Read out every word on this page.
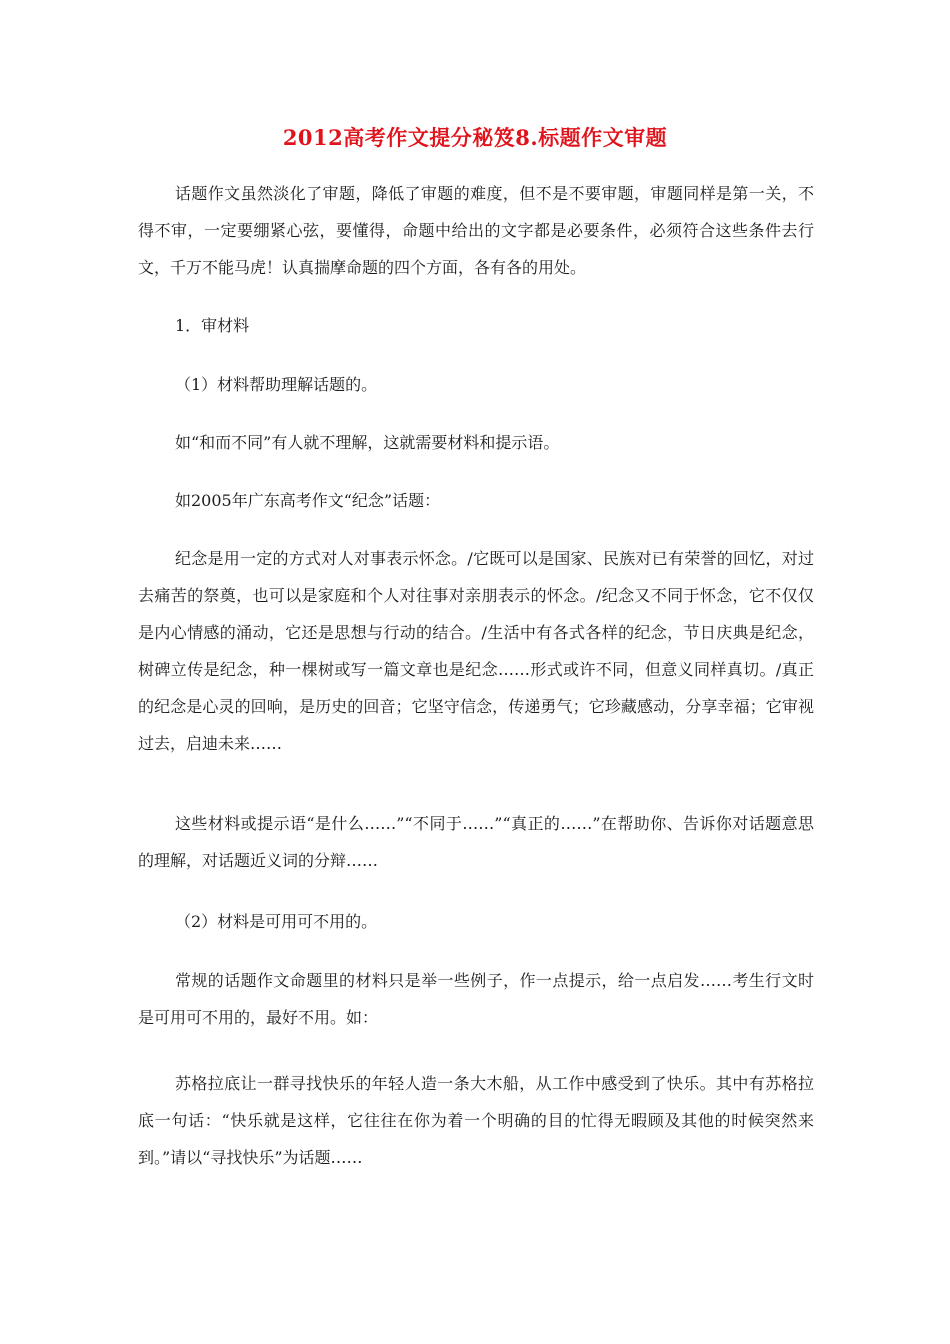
2012高考作文提分秘笈8.标题作文审题

话题作文虽然淡化了审题，降低了审题的难度，但不是不要审题，审题同样是第一关，不得不审，一定要绷紧心弦，要懂得，命题中给出的文字都是必要条件，必须符合这些条件去行文，千万不能马虎！认真揣摩命题的四个方面，各有各的用处。

1．审材料
（1）材料帮助理解话题的。
如“和而不同”有人就不理解，这就需要材料和提示语。
如2005年广东高考作文“纪念”话题：

纪念是用一定的方式对人对事表示怀念。/它既可以是国家、民族对已有荣誉的回忆，对过去痛苦的祭奠，也可以是家庭和个人对往事对亲朋表示的怀念。/纪念又不同于怀念，它不仅仅是内心情感的涌动，它还是思想与行动的结合。/生活中有各式各样的纪念，节日庆典是纪念，树碑立传是纪念，种一棵树或写一篇文章也是纪念……形式或许不同，但意义同样真切。/真正的纪念是心灵的回响，是历史的回音；它坚守信念，传递勇气；它珍藏感动，分享幸福；它审视过去，启迪未来……

这些材料或提示语“是什么……”“不同于……”“真正的……”在帮助你、告诉你对话题意思的理解，对话题近义词的分辩……

（2）材料是可用可不用的。

常规的话题作文命题里的材料只是举一些例子，作一点提示，给一点启发……考生行文时是可用可不用的，最好不用。如：

苏格拉底让一群寻找快乐的年轻人造一条大木船，从工作中感受到了快乐。其中有苏格拉底一句话：“快乐就是这样，它往往在你为着一个明确的目的忙得无暇顾及其他的时候突然来到。”请以“寻找快乐”为话题……
